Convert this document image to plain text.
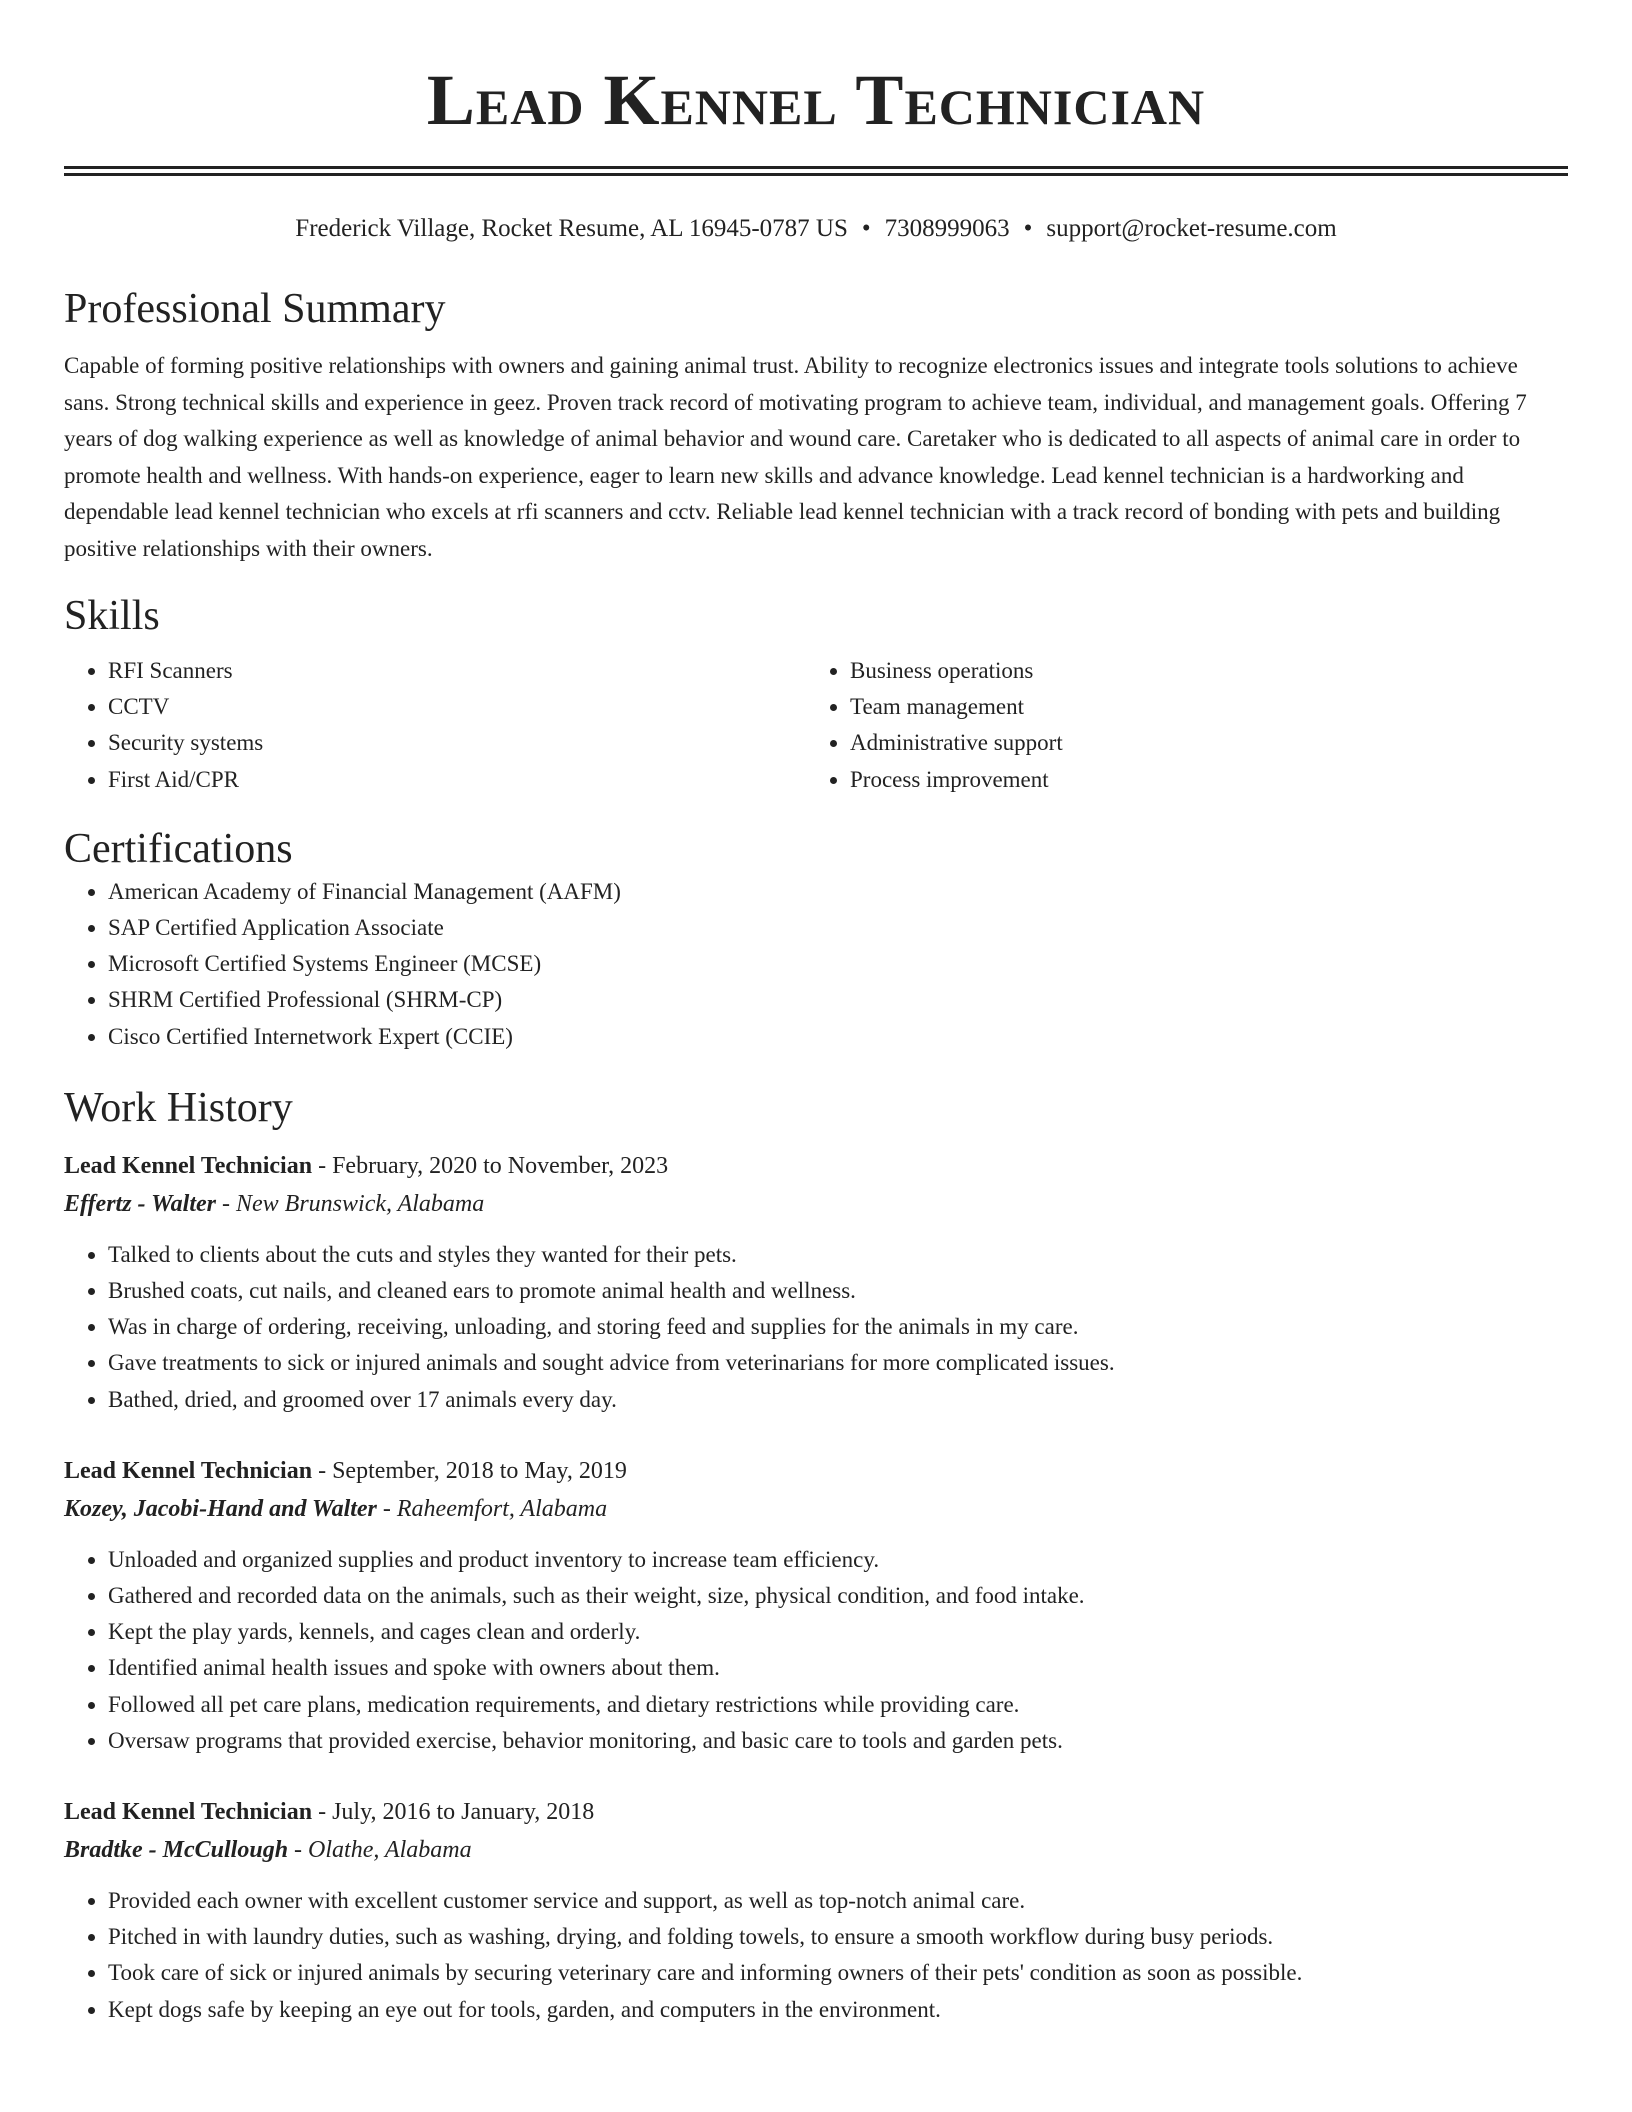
Lead Kennel Technician
Frederick Village, Rocket Resume, AL 16945-0787 US • 7308999063 • support@rocket-resume.com
Professional Summary

Capable of forming positive relationships with owners and gaining animal trust. Ability to recognize electronics issues and integrate tools solutions to achieve sans. Strong technical skills and experience in geez. Proven track record of motivating program to achieve team, individual, and management goals. Offering 7 years of dog walking experience as well as knowledge of animal behavior and wound care. Caretaker who is dedicated to all aspects of animal care in order to promote health and wellness. With hands-on experience, eager to learn new skills and advance knowledge. Lead kennel technician is a hardworking and dependable lead kennel technician who excels at rfi scanners and cctv. Reliable lead kennel technician with a track record of bonding with pets and building positive relationships with their owners.

Skills
• RFI Scanners
• CCTV
• Security systems
• First Aid/CPR
• Business operations
• Team management
• Administrative support
• Process improvement
Certifications
• American Academy of Financial Management (AAFM)
• SAP Certified Application Associate
• Microsoft Certified Systems Engineer (MCSE)
• SHRM Certified Professional (SHRM-CP)
• Cisco Certified Internetwork Expert (CCIE)
Work History
Lead Kennel Technician - February, 2020 to November, 2023
Effertz - Walter - New Brunswick, Alabama
• Talked to clients about the cuts and styles they wanted for their pets.
• Brushed coats, cut nails, and cleaned ears to promote animal health and wellness.
• Was in charge of ordering, receiving, unloading, and storing feed and supplies for the animals in my care.
• Gave treatments to sick or injured animals and sought advice from veterinarians for more complicated issues.
• Bathed, dried, and groomed over 17 animals every day.
Lead Kennel Technician - September, 2018 to May, 2019
Kozey, Jacobi-Hand and Walter - Raheemfort, Alabama
• Unloaded and organized supplies and product inventory to increase team efficiency.
• Gathered and recorded data on the animals, such as their weight, size, physical condition, and food intake.
• Kept the play yards, kennels, and cages clean and orderly.
• Identified animal health issues and spoke with owners about them.
• Followed all pet care plans, medication requirements, and dietary restrictions while providing care.
• Oversaw programs that provided exercise, behavior monitoring, and basic care to tools and garden pets.
Lead Kennel Technician - July, 2016 to January, 2018
Bradtke - McCullough - Olathe, Alabama
• Provided each owner with excellent customer service and support, as well as top-notch animal care.
• Pitched in with laundry duties, such as washing, drying, and folding towels, to ensure a smooth workflow during busy periods.
• Took care of sick or injured animals by securing veterinary care and informing owners of their pets' condition as soon as possible.
• Kept dogs safe by keeping an eye out for tools, garden, and computers in the environment.
